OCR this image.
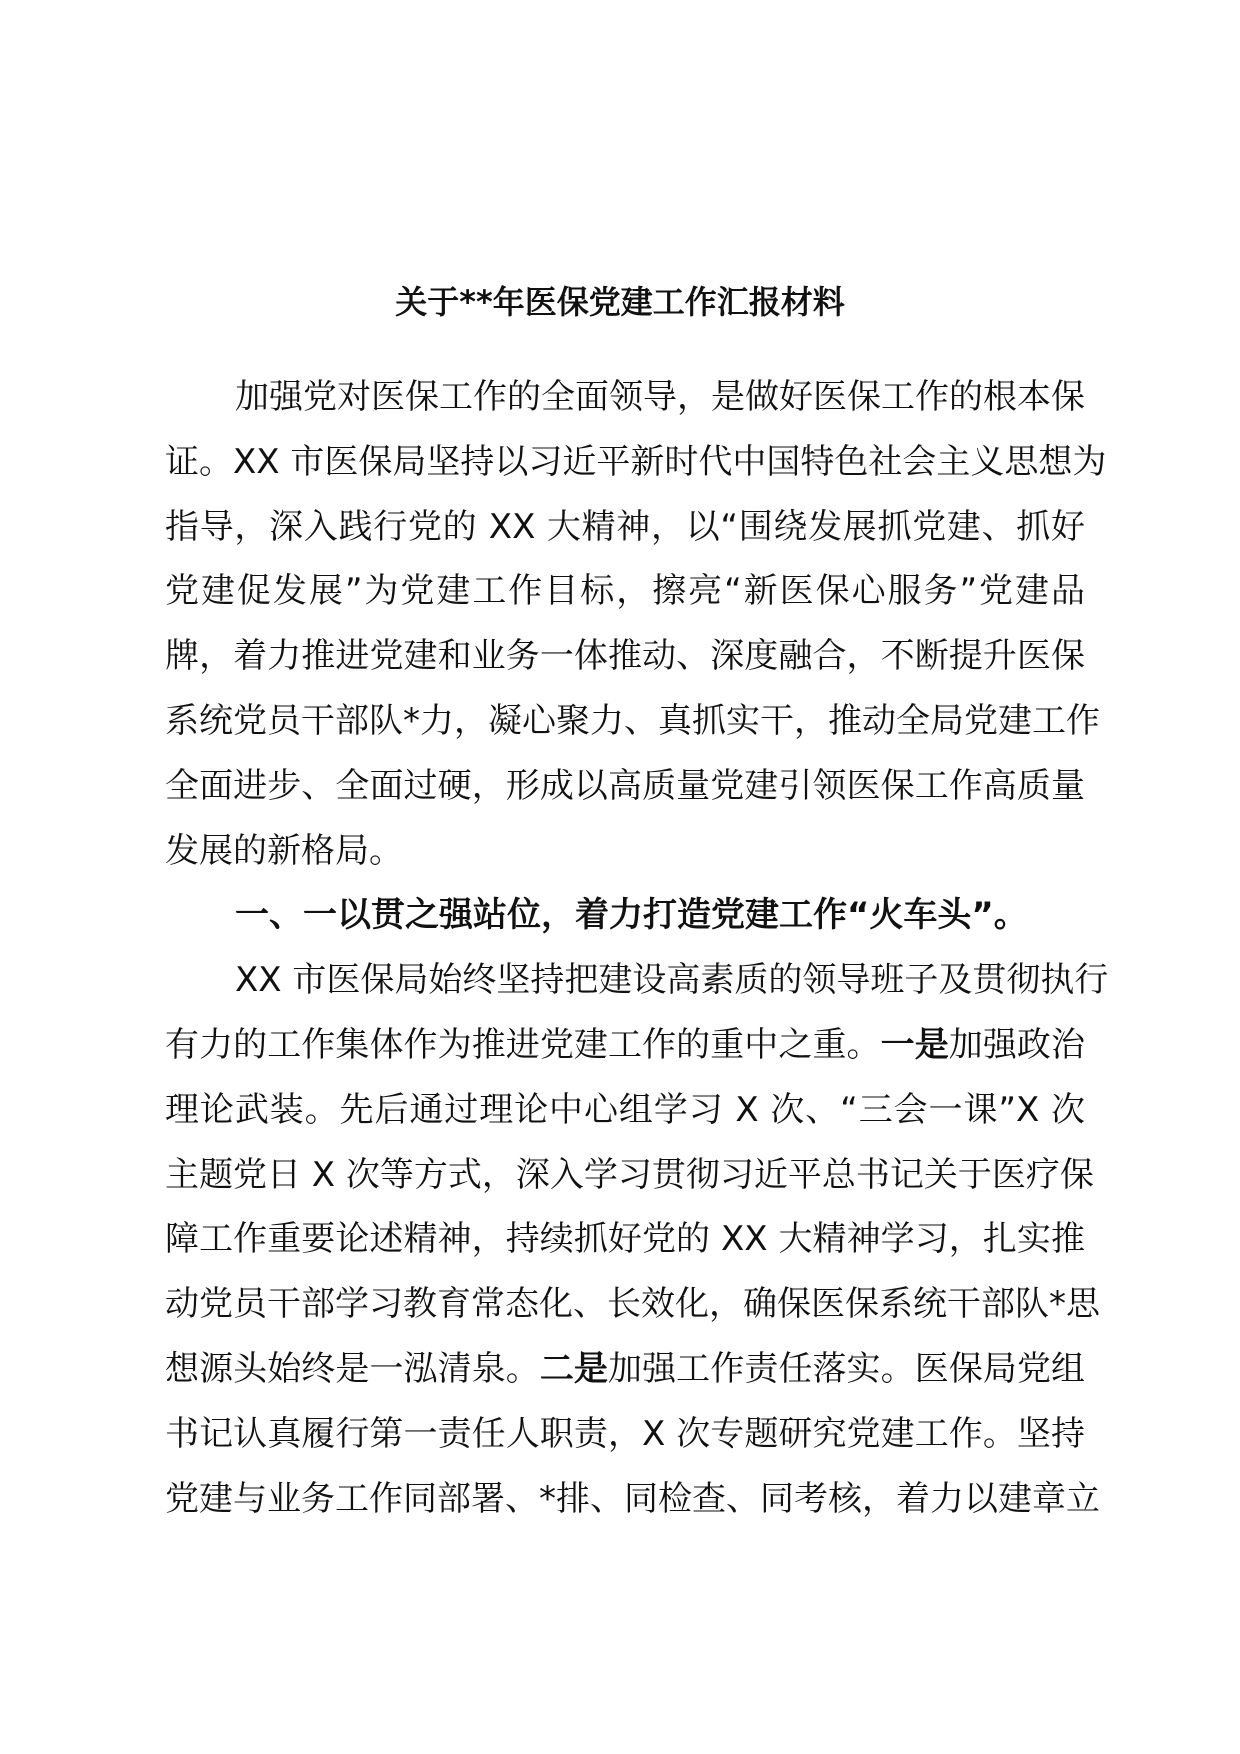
关于**年医保党建工作汇报材料
加强党对医保工作的全面领导，是做好医保工作的根本保
证。XX 市医保局坚持以习近平新时代中国特色社会主义思想为
指导，深入践行党的 XX 大精神，以“围绕发展抓党建、抓好
党建促发展”为党建工作目标，擦亮“新医保心服务”党建品
牌，着力推进党建和业务一体推动、深度融合，不断提升医保
系统党员干部队*力，凝心聚力、真抓实干，推动全局党建工作
全面进步、全面过硬，形成以高质量党建引领医保工作高质量
发展的新格局。
一、一以贯之强站位，着力打造党建工作“火车头”。
XX 市医保局始终坚持把建设高素质的领导班子及贯彻执行
有力的工作集体作为推进党建工作的重中之重。一是加强政治
理论武装。先后通过理论中心组学习 X 次、“三会一课”X 次
主题党日 X 次等方式，深入学习贯彻习近平总书记关于医疗保
障工作重要论述精神，持续抓好党的 XX 大精神学习，扎实推
动党员干部学习教育常态化、长效化，确保医保系统干部队*思
想源头始终是一泓清泉。二是加强工作责任落实。医保局党组
书记认真履行第一责任人职责，X 次专题研究党建工作。坚持
党建与业务工作同部署、*排、同检查、同考核，着力以建章立
